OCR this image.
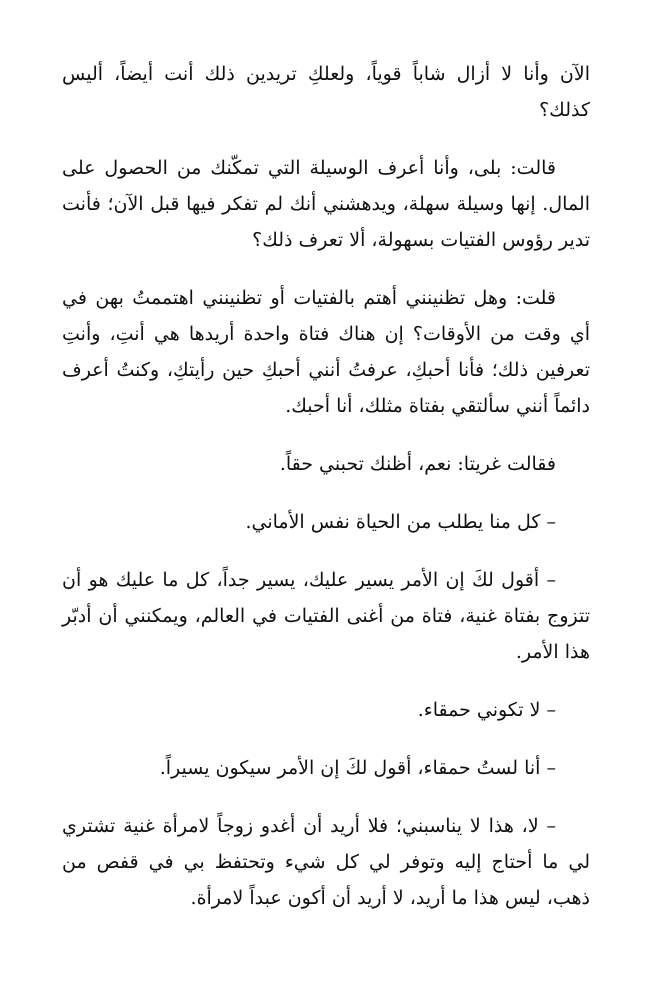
الآن وأنا لا أزال شاباً قوياً، ولعلكِ تريدين ذلك أنت أيضاً، أليس كذلك؟

قالت: بلى، وأنا أعرف الوسيلة التي تمكّنك من الحصول على المال. إنها وسيلة سهلة، ويدهشني أنك لم تفكر فيها قبل الآن؛ فأنت تدير رؤوس الفتيات بسهولة، ألا تعرف ذلك؟

قلت: وهل تظنينني أهتم بالفتيات أو تظنينني اهتممتُ بهن في أي وقت من الأوقات؟ إن هناك فتاة واحدة أريدها هي أنتِ، وأنتِ تعرفين ذلك؛ فأنا أحبكِ، عرفتُ أنني أحبكِ حين رأيتكِ، وكنتُ أعرف دائماً أنني سألتقي بفتاة مثلك، أنا أحبك.

فقالت غريتا: نعم، أظنك تحبني حقاً.

– كل منا يطلب من الحياة نفس الأماني.

– أقول لكَ إن الأمر يسير عليك، يسير جداً، كل ما عليك هو أن تتزوج بفتاة غنية، فتاة من أغنى الفتيات في العالم، ويمكنني أن أدبّر هذا الأمر.

– لا تكوني حمقاء.

– أنا لستُ حمقاء، أقول لكَ إن الأمر سيكون يسيراً.

– لا، هذا لا يناسبني؛ فلا أريد أن أغدو زوجاً لامرأة غنية تشتري لي ما أحتاج إليه وتوفر لي كل شيء وتحتفظ بي في قفص من ذهب، ليس هذا ما أريد، لا أريد أن أكون عبداً لامرأة.
